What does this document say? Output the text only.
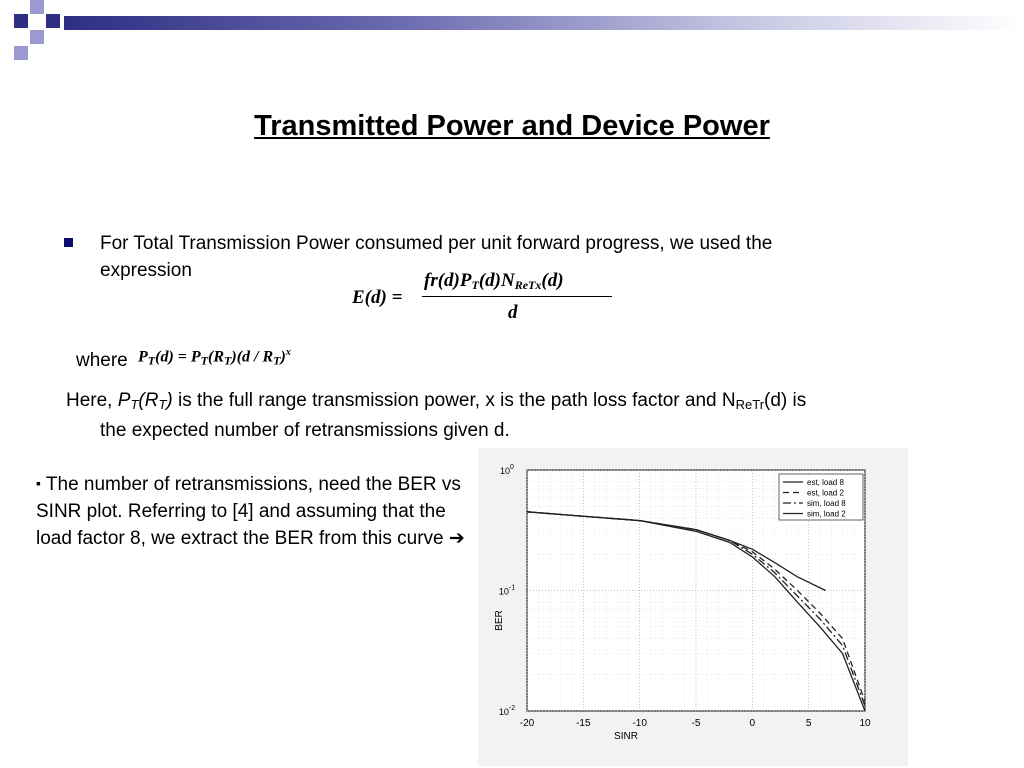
Transmitted Power and Device Power
For Total Transmission Power consumed per unit forward progress, we used the
expression
E(d) =
fr(d)PT(d)NReTx(d)
d
where PT(d) = PT(RT)(d / RT)$^x$
Here, $P_T(R_T)$ is the full range transmission power, x is the path loss factor and $N_{ReTr}(d)$ is
the expected number of retransmissions given d.
▪ The number of retransmissions, need the BER vs SINR plot. Referring to [4] and assuming that the load factor 8, we extract the BER from this curve ➔
-20	-15	-10	-5	0	5	10
$10^0$
$10^{-1}$
$10^{-2}$
SINR
BER
est, load 8
est, load 2
sim, load 8
sim, load 2
